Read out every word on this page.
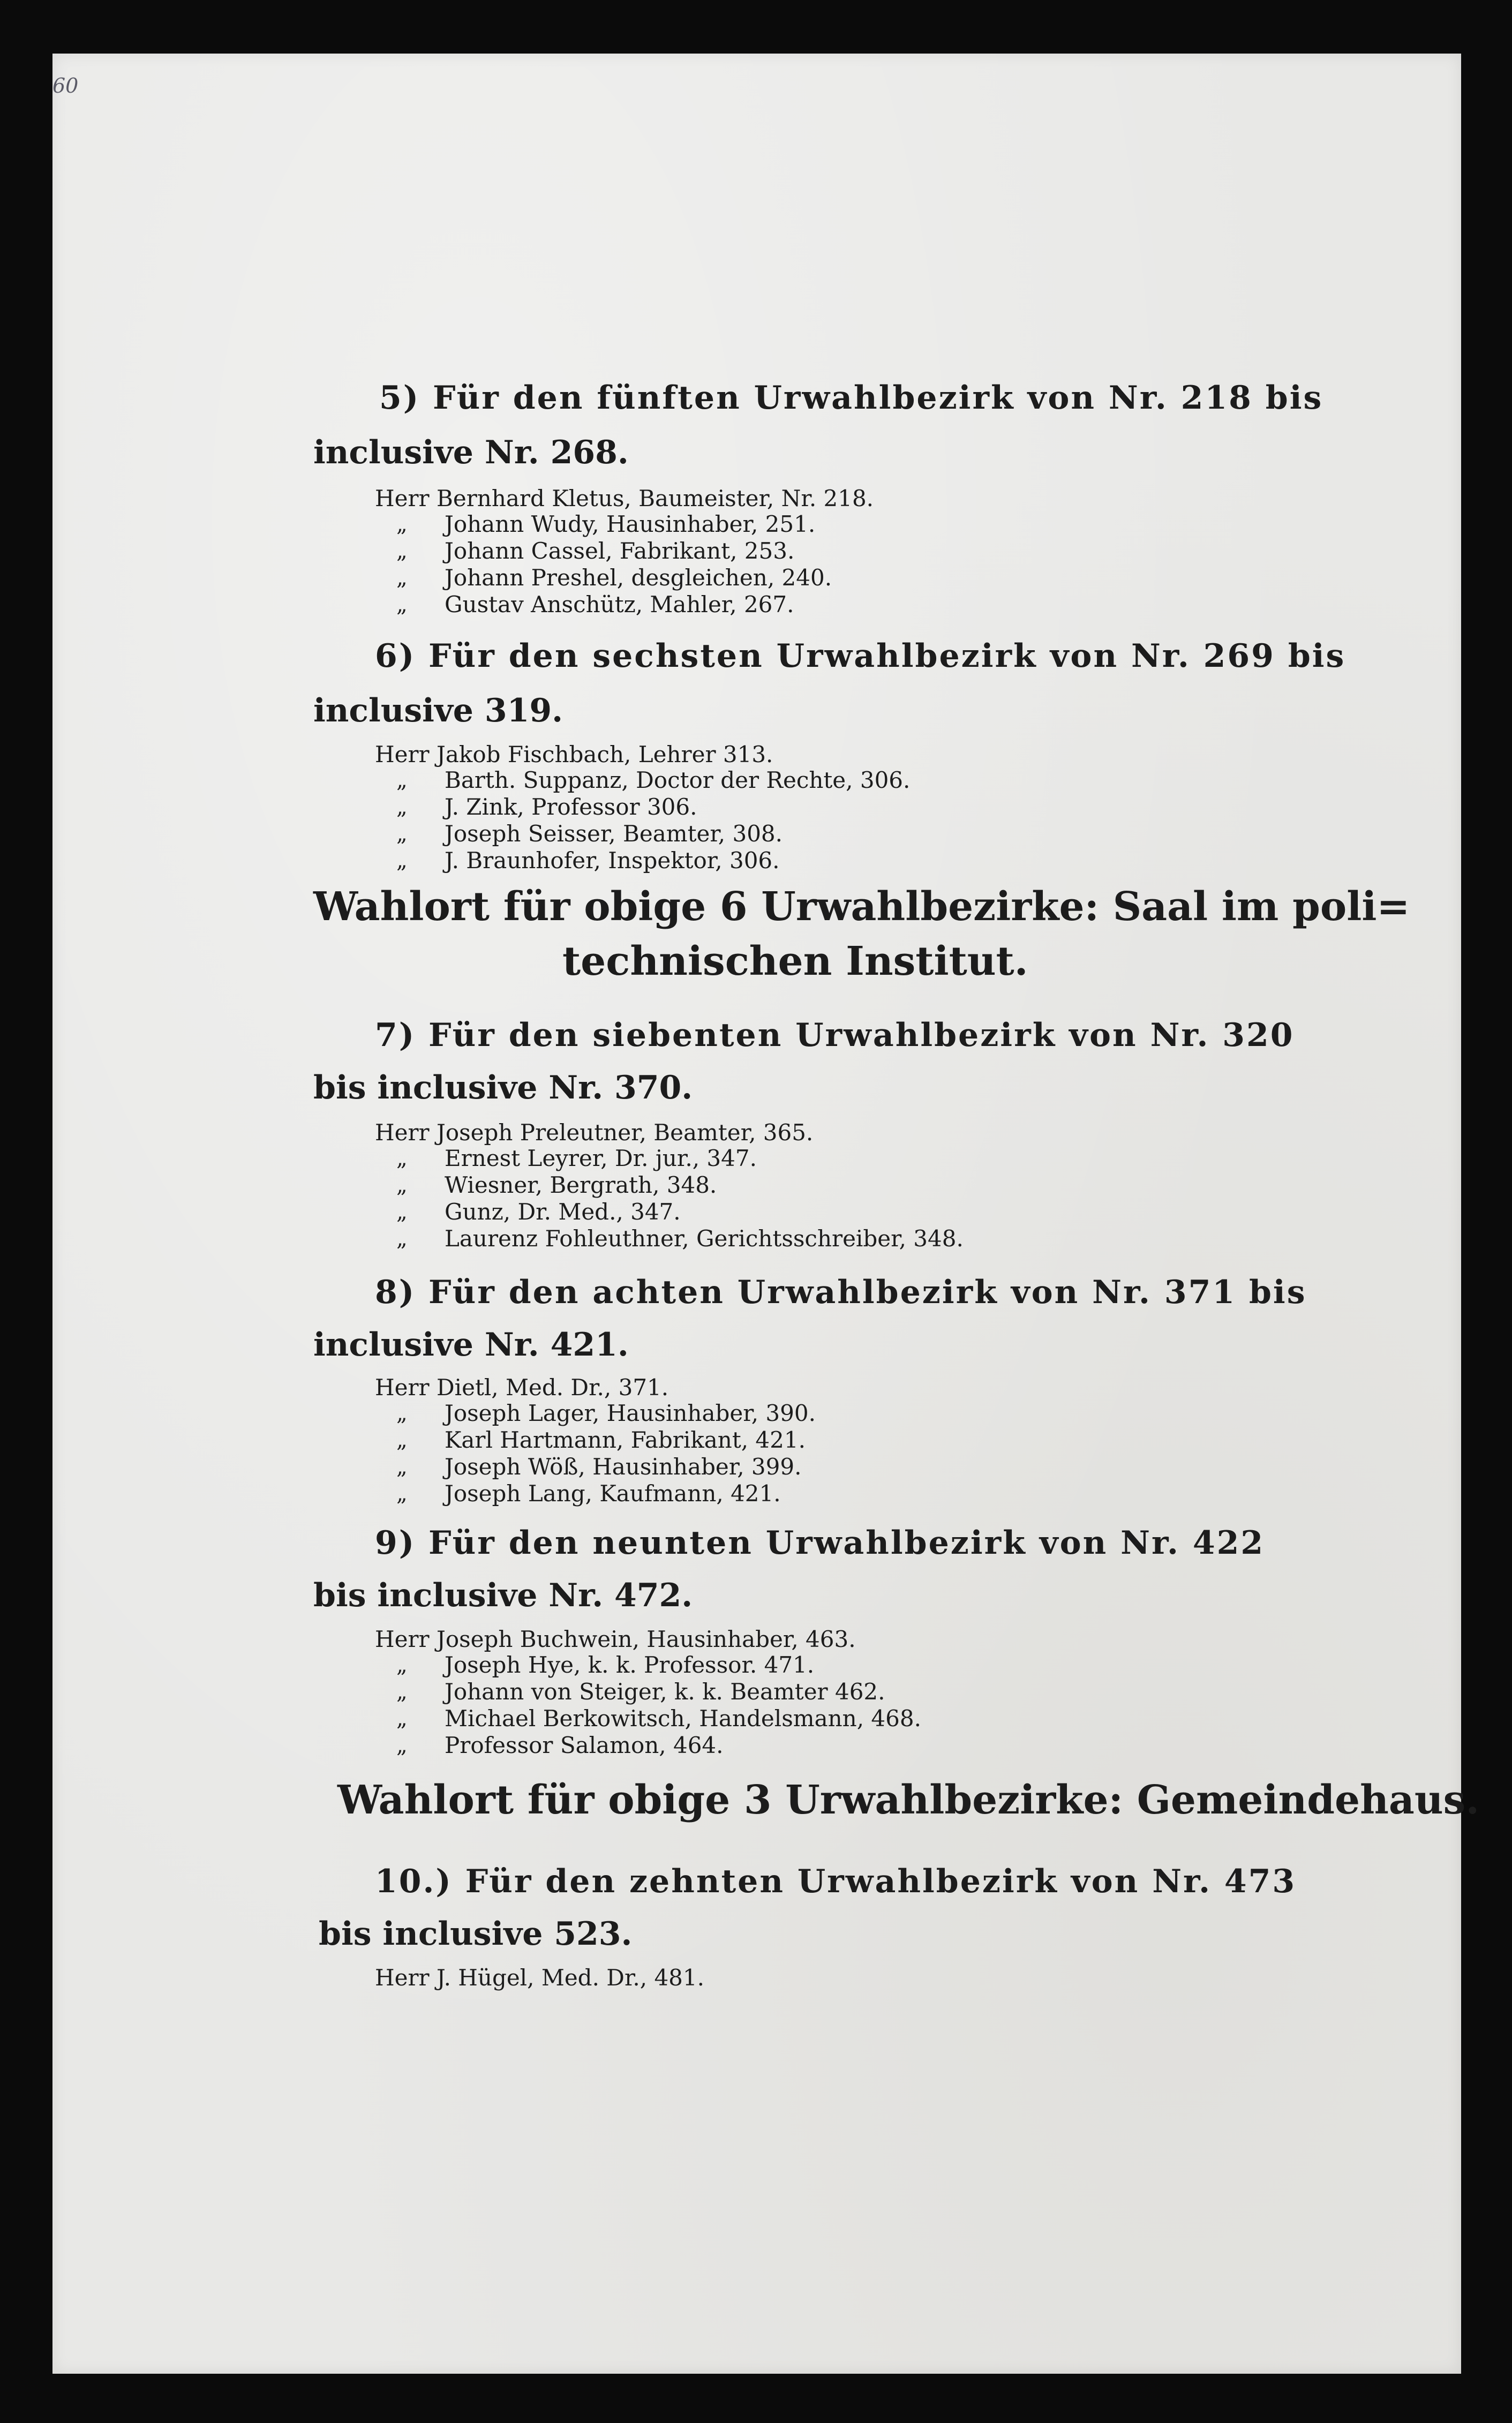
60
5) Für den fünften Urwahlbezirk von Nr. 218 bis
inclusive Nr. 268.
Herr Bernhard Kletus, Baumeister, Nr. 218.
„ Johann Wudy, Hausinhaber, 251.
„ Johann Cassel, Fabrikant, 253.
„ Johann Preshel, desgleichen, 240.
„ Gustav Anschütz, Mahler, 267.
6) Für den sechsten Urwahlbezirk von Nr. 269 bis
inclusive 319.
Herr Jakob Fischbach, Lehrer 313.
„ Barth. Suppanz, Doctor der Rechte, 306.
„ J. Zink, Professor 306.
„ Joseph Seisser, Beamter, 308.
„ J. Braunhofer, Inspektor, 306.
Wahlort für obige 6 Urwahlbezirke: Saal im poli=
technischen Institut.
7) Für den siebenten Urwahlbezirk von Nr. 320
bis inclusive Nr. 370.
Herr Joseph Preleutner, Beamter, 365.
„ Ernest Leyrer, Dr. jur., 347.
„ Wiesner, Bergrath, 348.
„ Gunz, Dr. Med., 347.
„ Laurenz Fohleuthner, Gerichtsschreiber, 348.
8) Für den achten Urwahlbezirk von Nr. 371 bis
inclusive Nr. 421.
Herr Dietl, Med. Dr., 371.
„ Joseph Lager, Hausinhaber, 390.
„ Karl Hartmann, Fabrikant, 421.
„ Joseph Wöß, Hausinhaber, 399.
„ Joseph Lang, Kaufmann, 421.
9) Für den neunten Urwahlbezirk von Nr. 422
bis inclusive Nr. 472.
Herr Joseph Buchwein, Hausinhaber, 463.
„ Joseph Hye, k. k. Professor. 471.
„ Johann von Steiger, k. k. Beamter 462.
„ Michael Berkowitsch, Handelsmann, 468.
„ Professor Salamon, 464.
Wahlort für obige 3 Urwahlbezirke: Gemeindehaus.
10.) Für den zehnten Urwahlbezirk von Nr. 473
bis inclusive 523.
Herr J. Hügel, Med. Dr., 481.
